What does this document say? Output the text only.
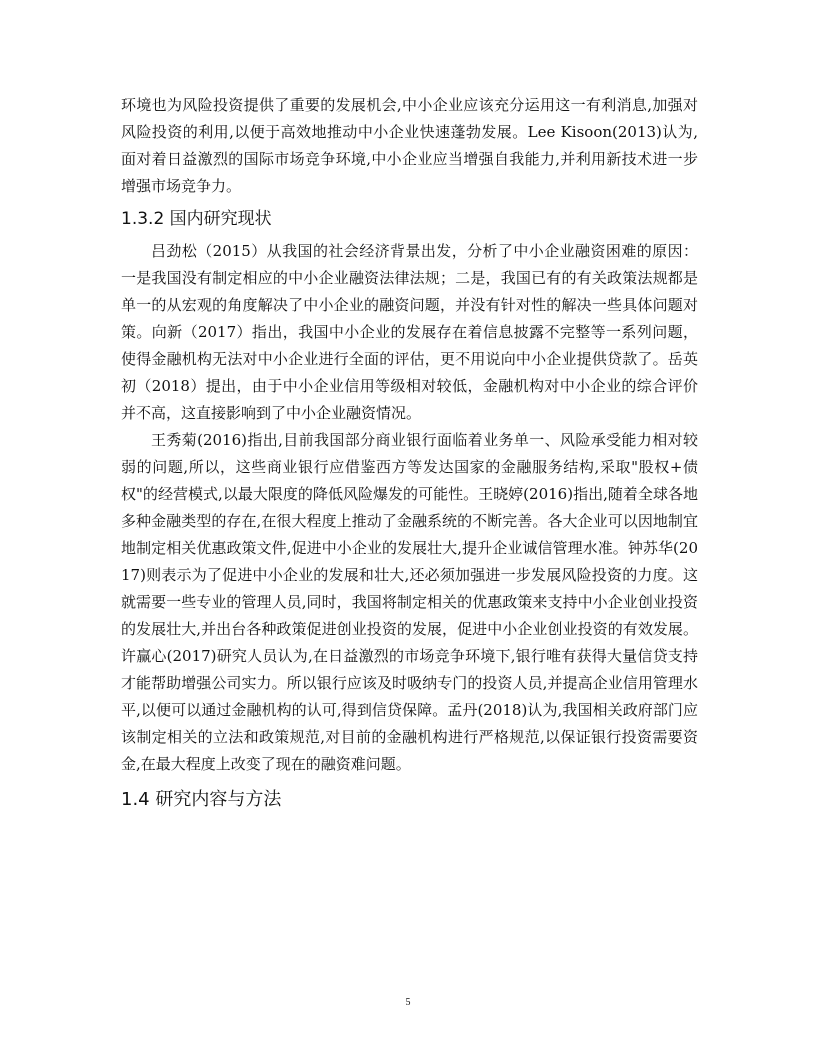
环境也为风险投资提供了重要的发展机会,中小企业应该充分运用这一有利消息,加强对风险投资的利用,以便于高效地推动中小企业快速蓬勃发展。Lee Kisoon(2013)认为,面对着日益激烈的国际市场竞争环境,中小企业应当增强自我能力,并利用新技术进一步增强市场竞争力。

1.3.2 国内研究现状

吕劲松（2015）从我国的社会经济背景出发，分析了中小企业融资困难的原因：一是我国没有制定相应的中小企业融资法律法规；二是，我国已有的有关政策法规都是单一的从宏观的角度解决了中小企业的融资问题，并没有针对性的解决一些具体问题对策。向新（2017）指出，我国中小企业的发展存在着信息披露不完整等一系列问题，使得金融机构无法对中小企业进行全面的评估，更不用说向中小企业提供贷款了。岳英初（2018）提出，由于中小企业信用等级相对较低，金融机构对中小企业的综合评价并不高，这直接影响到了中小企业融资情况。

王秀菊(2016)指出,目前我国部分商业银行面临着业务单一、风险承受能力相对较弱的问题,所以，这些商业银行应借鉴西方等发达国家的金融服务结构,采取"股权+债权"的经营模式,以最大限度的降低风险爆发的可能性。王晓婷(2016)指出,随着全球各地多种金融类型的存在,在很大程度上推动了金融系统的不断完善。各大企业可以因地制宜地制定相关优惠政策文件,促进中小企业的发展壮大,提升企业诚信管理水准。钟苏华(2017)则表示为了促进中小企业的发展和壮大,还必须加强进一步发展风险投资的力度。这就需要一些专业的管理人员,同时，我国将制定相关的优惠政策来支持中小企业创业投资的发展壮大,并出台各种政策促进创业投资的发展，促进中小企业创业投资的有效发展。许赢心(2017)研究人员认为,在日益激烈的市场竞争环境下,银行唯有获得大量信贷支持才能帮助增强公司实力。所以银行应该及时吸纳专门的投资人员,并提高企业信用管理水平,以便可以通过金融机构的认可,得到信贷保障。孟丹(2018)认为,我国相关政府部门应该制定相关的立法和政策规范,对目前的金融机构进行严格规范,以保证银行投资需要资金,在最大程度上改变了现在的融资难问题。

1.4 研究内容与方法
5
